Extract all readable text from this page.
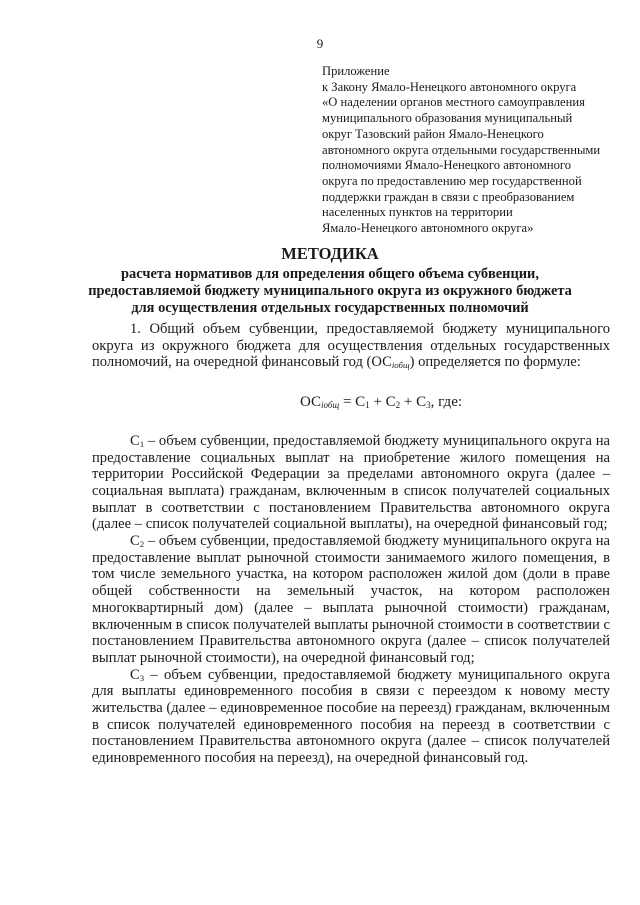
9
Приложение
к Закону Ямало-Ненецкого автономного округа
«О наделении органов местного самоуправления
муниципального образования муниципальный
округ Тазовский район Ямало-Ненецкого
автономного округа отдельными государственными
полномочиями Ямало-Ненецкого автономного
округа по предоставлению мер государственной
поддержки граждан в связи с преобразованием
населенных пунктов на территории
Ямало-Ненецкого автономного округа»
МЕТОДИКА
расчета нормативов для определения общего объема субвенции,
предоставляемой бюджету муниципального округа из окружного бюджета
для осуществления отдельных государственных полномочий

1. Общий объем субвенции, предоставляемой бюджету муниципального округа из окружного бюджета для осуществления отдельных государственных полномочий, на очередной финансовый год $(ОС_{іобщ})$ определяется по формуле:

$ОС_{іобщ} = С_1 + С_2 + С_3$, где:

$С_1$ – объем субвенции, предоставляемой бюджету муниципального округа на предоставление социальных выплат на приобретение жилого помещения на территории Российской Федерации за пределами автономного округа (далее – социальная выплата) гражданам, включенным в список получателей социальных выплат в соответствии с постановлением Правительства автономного округа (далее – список получателей социальной выплаты), на очередной финансовый год;

$С_2$ – объем субвенции, предоставляемой бюджету муниципального округа на предоставление выплат рыночной стоимости занимаемого жилого помещения, в том числе земельного участка, на котором расположен жилой дом (доли в праве общей собственности на земельный участок, на котором расположен многоквартирный дом) (далее – выплата рыночной стоимости) гражданам, включенным в список получателей выплаты рыночной стоимости в соответствии с постановлением Правительства автономного округа (далее – список получателей выплат рыночной стоимости), на очередной финансовый год;

$С_3$ – объем субвенции, предоставляемой бюджету муниципального округа для выплаты единовременного пособия в связи с переездом к новому месту жительства (далее – единовременное пособие на переезд) гражданам, включенным в список получателей единовременного пособия на переезд в соответствии с постановлением Правительства автономного округа (далее – список получателей единовременного пособия на переезд), на очередной финансовый год.
